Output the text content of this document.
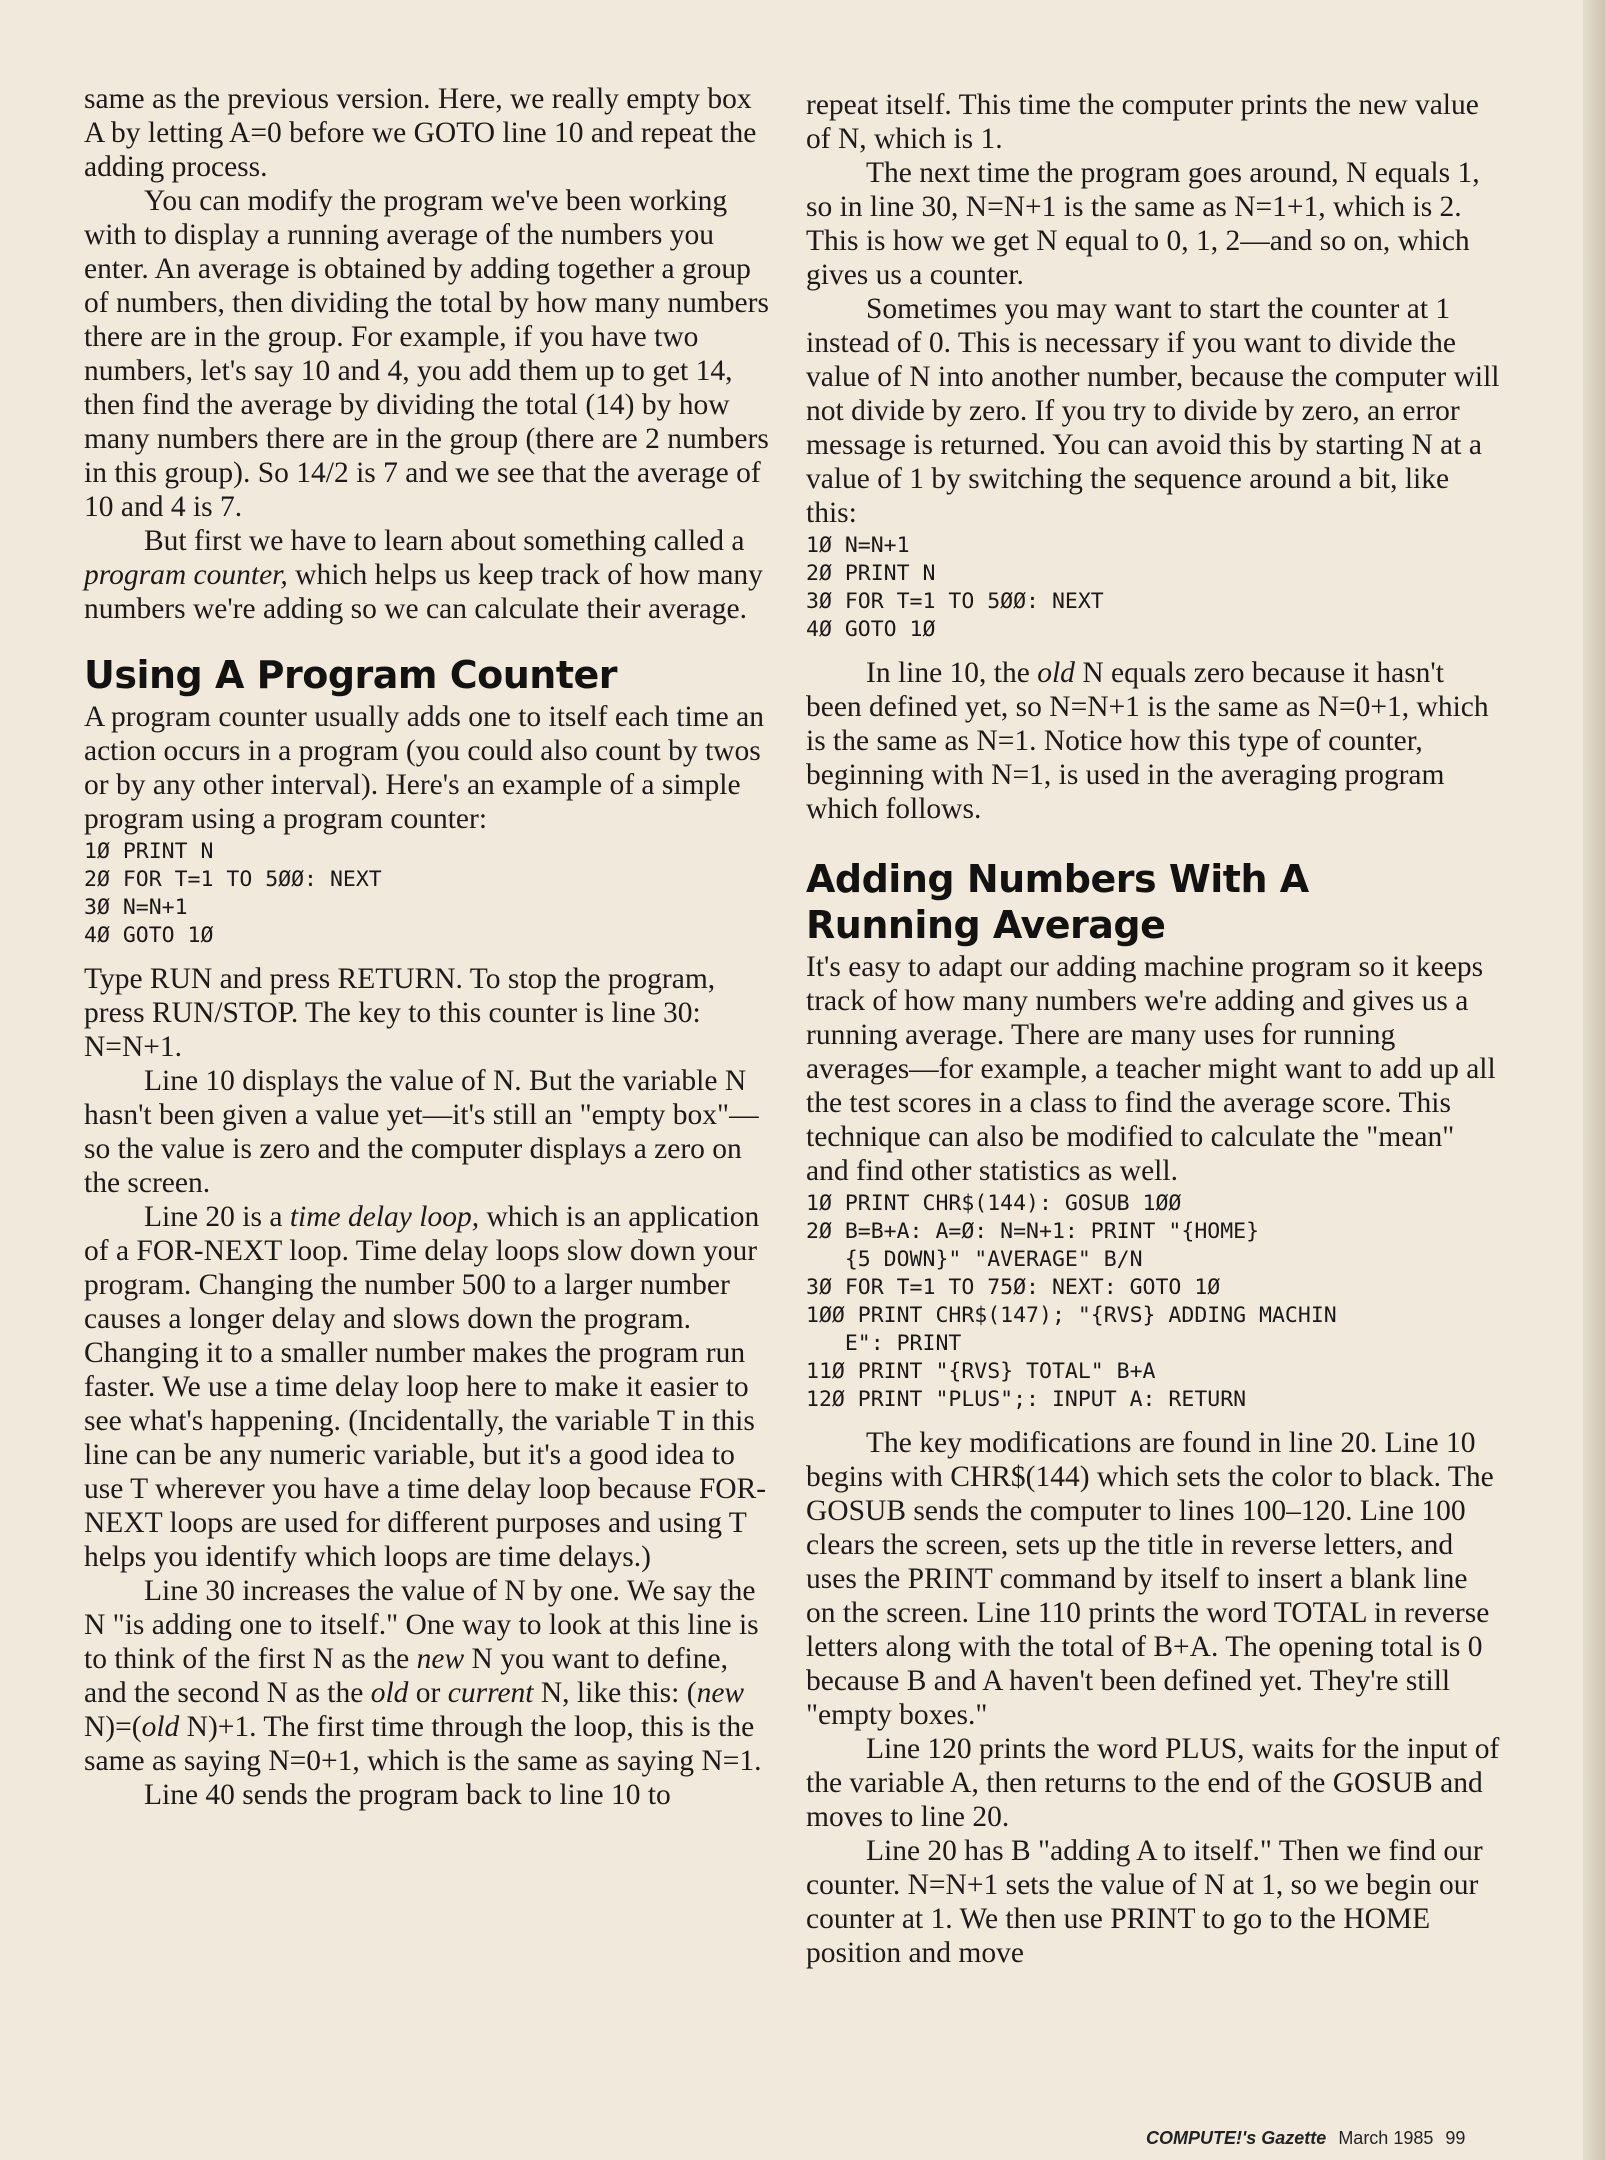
same as the previous version. Here, we really empty box A by letting A=0 before we GOTO line 10 and repeat the adding process.

You can modify the program we've been working with to display a running average of the numbers you enter. An average is obtained by adding together a group of numbers, then dividing the total by how many numbers there are in the group. For example, if you have two numbers, let's say 10 and 4, you add them up to get 14, then find the average by dividing the total (14) by how many numbers there are in the group (there are 2 numbers in this group). So 14/2 is 7 and we see that the average of 10 and 4 is 7.

But first we have to learn about something called a program counter, which helps us keep track of how many numbers we're adding so we can calculate their average.

Using A Program Counter

A program counter usually adds one to itself each time an action occurs in a program (you could also count by twos or by any other interval). Here's an example of a simple program using a program counter:

1Ø PRINT N
2Ø FOR T=1 TO 5ØØ: NEXT
3Ø N=N+1
4Ø GOTO 1Ø

Type RUN and press RETURN. To stop the program, press RUN/STOP. The key to this counter is line 30: N=N+1.

Line 10 displays the value of N. But the variable N hasn't been given a value yet—it's still an "empty box"—so the value is zero and the computer displays a zero on the screen.

Line 20 is a time delay loop, which is an application of a FOR-NEXT loop. Time delay loops slow down your program. Changing the number 500 to a larger number causes a longer delay and slows down the program. Changing it to a smaller number makes the program run faster. We use a time delay loop here to make it easier to see what's happening. (Incidentally, the variable T in this line can be any numeric variable, but it's a good idea to use T wherever you have a time delay loop because FOR-NEXT loops are used for different purposes and using T helps you identify which loops are time delays.)

Line 30 increases the value of N by one. We say the N "is adding one to itself." One way to look at this line is to think of the first N as the new N you want to define, and the second N as the old or current N, like this: (new N)=(old N)+1. The first time through the loop, this is the same as saying N=0+1, which is the same as saying N=1.

Line 40 sends the program back to line 10 to

repeat itself. This time the computer prints the new value of N, which is 1.

The next time the program goes around, N equals 1, so in line 30, N=N+1 is the same as N=1+1, which is 2. This is how we get N equal to 0, 1, 2—and so on, which gives us a counter.

Sometimes you may want to start the counter at 1 instead of 0. This is necessary if you want to divide the value of N into another number, because the computer will not divide by zero. If you try to divide by zero, an error message is returned. You can avoid this by starting N at a value of 1 by switching the sequence around a bit, like this:

1Ø N=N+1
2Ø PRINT N
3Ø FOR T=1 TO 5ØØ: NEXT
4Ø GOTO 1Ø

In line 10, the old N equals zero because it hasn't been defined yet, so N=N+1 is the same as N=0+1, which is the same as N=1. Notice how this type of counter, beginning with N=1, is used in the averaging program which follows.

Adding Numbers With A
Running Average

It's easy to adapt our adding machine program so it keeps track of how many numbers we're adding and gives us a running average. There are many uses for running averages—for example, a teacher might want to add up all the test scores in a class to find the average score. This technique can also be modified to calculate the "mean" and find other statistics as well.

1Ø PRINT CHR$(144): GOSUB 1ØØ
2Ø B=B+A: A=Ø: N=N+1: PRINT "{HOME}
{5 DOWN}" "AVERAGE" B/N
3Ø FOR T=1 TO 75Ø: NEXT: GOTO 1Ø
1ØØ PRINT CHR$(147); "{RVS} ADDING MACHIN
E": PRINT
11Ø PRINT "{RVS} TOTAL" B+A
12Ø PRINT "PLUS";: INPUT A: RETURN

The key modifications are found in line 20. Line 10 begins with CHR$(144) which sets the color to black. The GOSUB sends the computer to lines 100–120. Line 100 clears the screen, sets up the title in reverse letters, and uses the PRINT command by itself to insert a blank line on the screen. Line 110 prints the word TOTAL in reverse letters along with the total of B+A. The opening total is 0 because B and A haven't been defined yet. They're still "empty boxes."

Line 120 prints the word PLUS, waits for the input of the variable A, then returns to the end of the GOSUB and moves to line 20.

Line 20 has B "adding A to itself." Then we find our counter. N=N+1 sets the value of N at 1, so we begin our counter at 1. We then use PRINT to go to the HOME position and move

COMPUTE!'s Gazette March 1985 99
